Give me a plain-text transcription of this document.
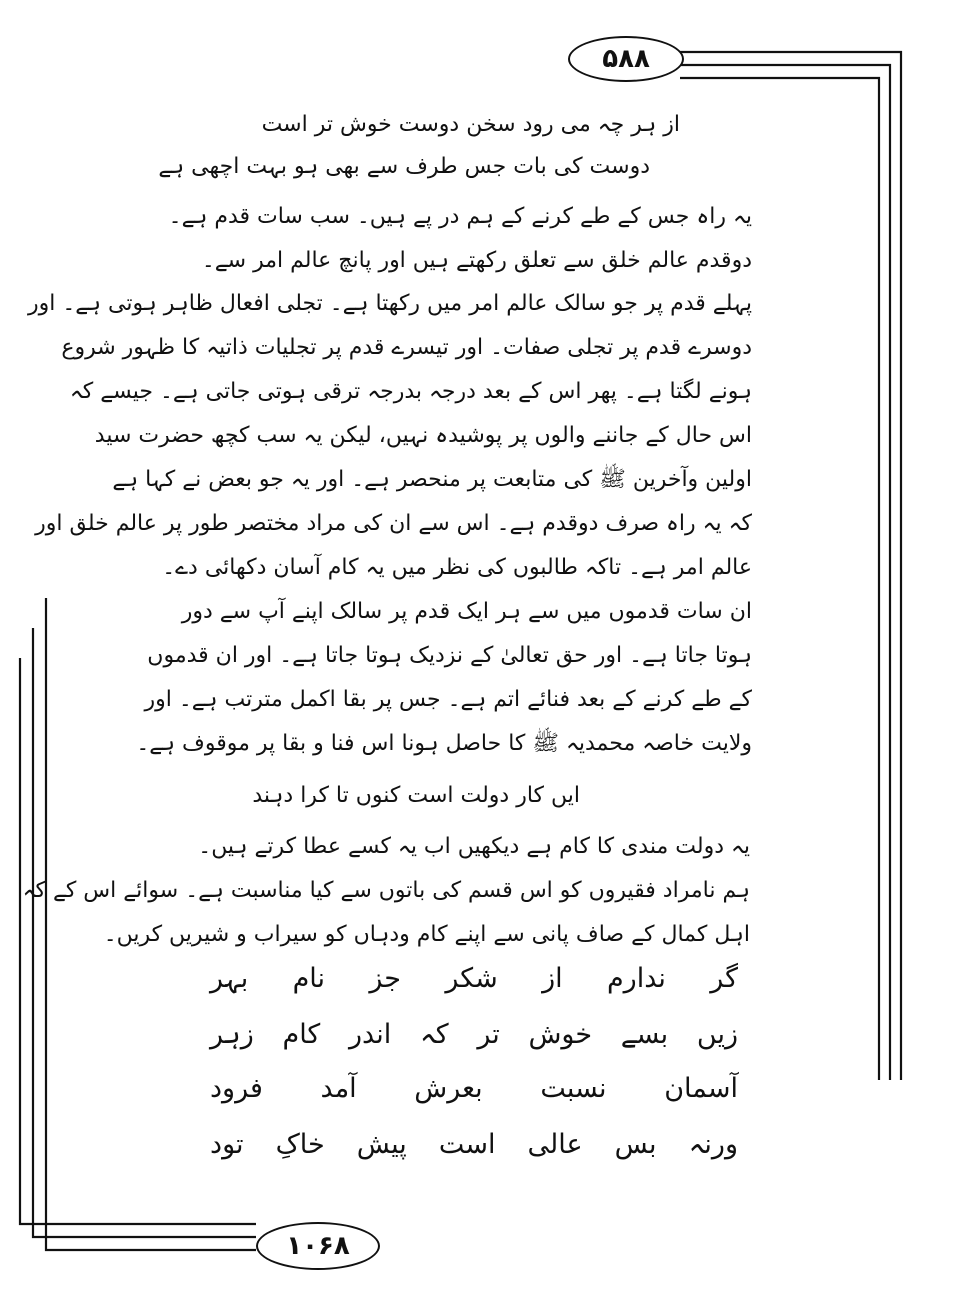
۵۸۸
۱۰۶۸
از ہر چہ می رود سخن دوست خوش تر است
دوست کی بات جس طرف سے بھی ہو بہت اچھی ہے
یہ راہ جس کے طے کرنے کے ہم در پے ہیں۔ سب سات قدم ہے۔
دوقدم عالم خلق سے تعلق رکھتے ہیں اور پانچ عالم امر سے۔
پہلے قدم پر جو سالک عالم امر میں رکھتا ہے۔ تجلی افعال ظاہر ہوتی ہے۔ اور
دوسرے قدم پر تجلی صفات۔ اور تیسرے قدم پر تجلیات ذاتیہ کا ظہور شروع
ہونے لگتا ہے۔ پھر اس کے بعد درجہ بدرجہ ترقی ہوتی جاتی ہے۔ جیسے کہ
اس حال کے جاننے والوں پر پوشیدہ نہیں، لیکن یہ سب کچھ حضرت سید
اولین وآخرین ﷺ کی متابعت پر منحصر ہے۔ اور یہ جو بعض نے کہا ہے
کہ یہ راہ صرف دوقدم ہے۔ اس سے ان کی مراد مختصر طور پر عالم خلق اور
عالم امر ہے۔ تاکہ طالبوں کی نظر میں یہ کام آسان دکھائی دے۔
ان سات قدموں میں سے ہر ایک قدم پر سالک اپنے آپ سے دور
ہوتا جاتا ہے۔ اور حق تعالیٰ کے نزدیک ہوتا جاتا ہے۔ اور ان قدموں
کے طے کرنے کے بعد فنائے اتم ہے۔ جس پر بقا اکمل مترتب ہے۔ اور
ولایت خاصہ محمدیہ ﷺ کا حاصل ہونا اس فنا و بقا پر موقوف ہے۔
ایں کار دولت است کنوں تا کرا دہند
یہ دولت مندی کا کام ہے دیکھیں اب یہ کسے عطا کرتے ہیں۔
ہم نامراد فقیروں کو اس قسم کی باتوں سے کیا مناسبت ہے۔ سوائے اس کے کہ
اہل کمال کے صاف پانی سے اپنے کام ودہاں کو سیراب و شیریں کریں۔
گر
ندارم
از
شکر
جز
نام
بہر
زیں
بسے
خوش
تر
کہ
اندر
کام
زہر
آسمان
نسبت
بعرش
آمد
فرود
ورنہ
بس
عالی
است
پیش
خاکِ
تود
